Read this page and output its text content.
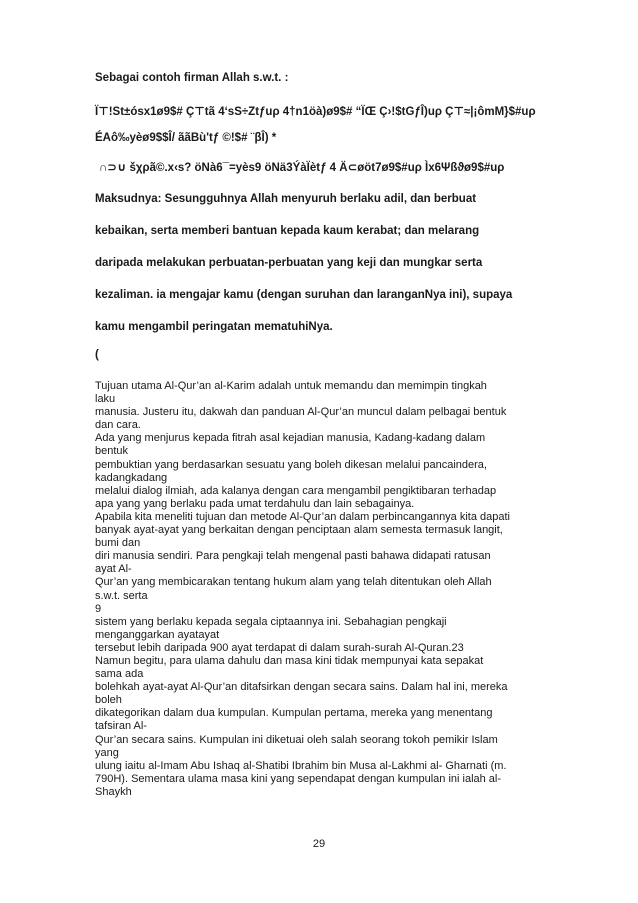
Sebagai contoh firman Allah s.w.t. :
Ï⊤!St±ósx1ø9$# Ç⊤tã 4‘sS÷Ztƒuρ 4†n1öà)ø9$# “ÏŒ Ç›!$tGƒÎ)uρ Ç⊤≈|¡ômM}$#uρ
ÉAô‰yèø9$$Î/ ããBù'tƒ ©!$# ¨βÎ) *
∩⊃∪ šχρã©.x‹s? öNà6¯=yès9 öNä3ÝàÏètƒ 4 Ä⊂øöt7ø9$#uρ Ìx6Ψßϑø9$#uρ
Maksudnya: Sesungguhnya Allah menyuruh berlaku adil, dan berbuat
kebaikan, serta memberi bantuan kepada kaum kerabat; dan melarang
daripada melakukan perbuatan-perbuatan yang keji dan mungkar serta
kezaliman. ia mengajar kamu (dengan suruhan dan laranganNya ini), supaya
kamu mengambil peringatan mematuhiNya.
(
Tujuan utama Al-Qur’an al-Karim adalah untuk memandu dan memimpin tingkah
laku
manusia. Justeru itu, dakwah dan panduan Al-Qur’an muncul dalam pelbagai bentuk
dan cara.
Ada yang menjurus kepada fitrah asal kejadian manusia, Kadang-kadang dalam
bentuk
pembuktian yang berdasarkan sesuatu yang boleh dikesan melalui pancaindera,
kadangkadang
melalui dialog ilmiah, ada kalanya dengan cara mengambil pengiktibaran terhadap
apa yang yang berlaku pada umat terdahulu dan lain sebagainya.
Apabila kita meneliti tujuan dan metode Al-Qur’an dalam perbincangannya kita dapati
banyak ayat-ayat yang berkaitan dengan penciptaan alam semesta termasuk langit,
bumi dan
diri manusia sendiri. Para pengkaji telah mengenal pasti bahawa didapati ratusan
ayat Al-
Qur’an yang membicarakan tentang hukum alam yang telah ditentukan oleh Allah
s.w.t. serta
9
sistem yang berlaku kepada segala ciptaannya ini. Sebahagian pengkaji
menganggarkan ayatayat
tersebut lebih daripada 900 ayat terdapat di dalam surah-surah Al-Quran.23
Namun begitu, para ulama dahulu dan masa kini tidak mempunyai kata sepakat
sama ada
bolehkah ayat-ayat Al-Qur’an ditafsirkan dengan secara sains. Dalam hal ini, mereka
boleh
dikategorikan dalam dua kumpulan. Kumpulan pertama, mereka yang menentang
tafsiran Al-
Qur’an secara sains. Kumpulan ini diketuai oleh salah seorang tokoh pemikir Islam
yang
ulung iaitu al-Imam Abu Ishaq al-Shatibi Ibrahim bin Musa al-Lakhmi al- Gharnati (m.
790H). Sementara ulama masa kini yang sependapat dengan kumpulan ini ialah al-
Shaykh
29
